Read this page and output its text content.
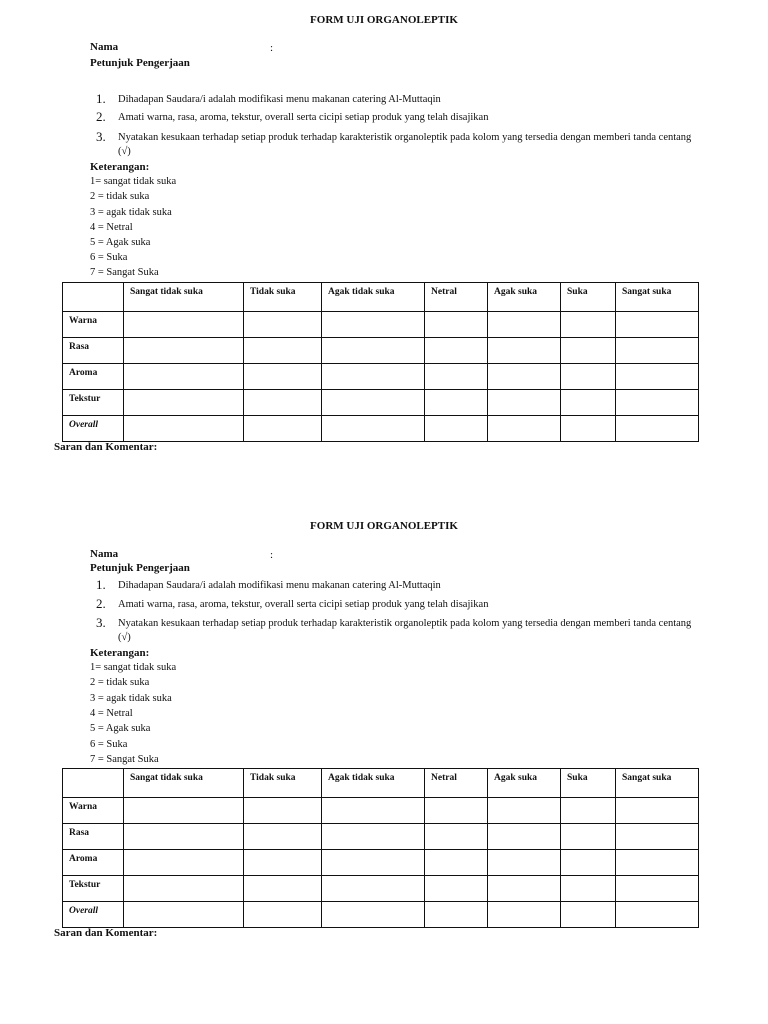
FORM UJI ORGANOLEPTIK
Nama	:
Petunjuk Pengerjaan
1. Dihadapan Saudara/i adalah modifikasi menu makanan catering Al-Muttaqin
2. Amati warna, rasa, aroma, tekstur, overall serta cicipi setiap produk yang telah disajikan
3. Nyatakan kesukaan terhadap setiap produk terhadap karakteristik organoleptik pada kolom yang tersedia dengan memberi tanda centang (√)
Keterangan:
1= sangat tidak suka
2 = tidak suka
3 = agak tidak suka
4 = Netral
5 = Agak suka
6 = Suka
7 = Sangat Suka
	Sangat tidak suka	Tidak suka	Agak tidak suka	Netral	Agak suka	Suka	Sangat suka
Warna							
Rasa							
Aroma							
Tekstur							
Overall							
Saran dan Komentar:
FORM UJI ORGANOLEPTIK
Nama	:
Petunjuk Pengerjaan
1. Dihadapan Saudara/i adalah modifikasi menu makanan catering Al-Muttaqin
2. Amati warna, rasa, aroma, tekstur, overall serta cicipi setiap produk yang telah disajikan
3. Nyatakan kesukaan terhadap setiap produk terhadap karakteristik organoleptik pada kolom yang tersedia dengan memberi tanda centang (√)
Keterangan:
1= sangat tidak suka
2 = tidak suka
3 = agak tidak suka
4 = Netral
5 = Agak suka
6 = Suka
7 = Sangat Suka
	Sangat tidak suka	Tidak suka	Agak tidak suka	Netral	Agak suka	Suka	Sangat suka
Warna							
Rasa							
Aroma							
Tekstur							
Overall							
Saran dan Komentar:
